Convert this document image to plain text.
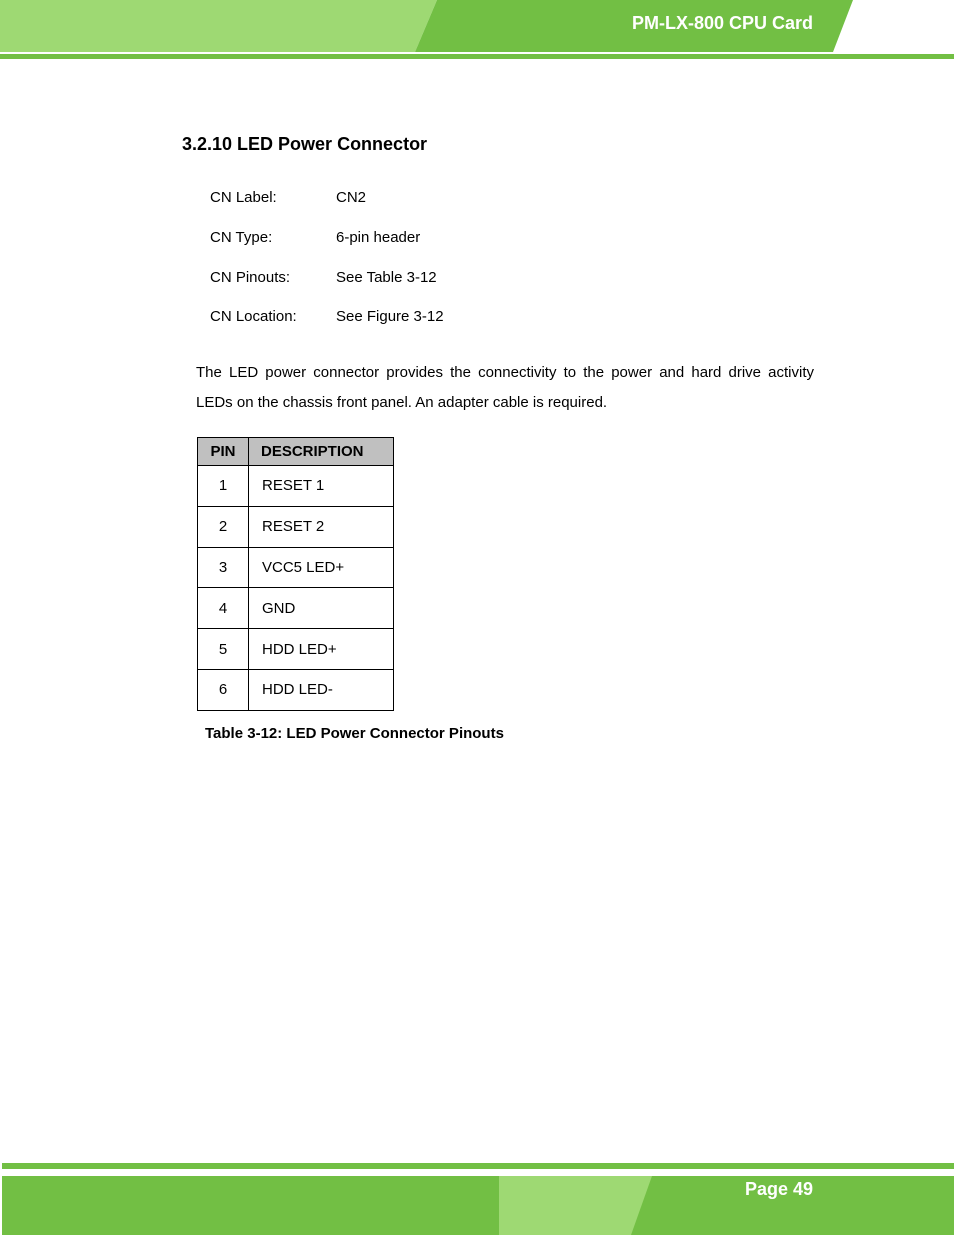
PM-LX-800 CPU Card
3.2.10 LED Power Connector
CN Label:	CN2
CN Type:	6-pin header
CN Pinouts:	See Table 3-12
CN Location:	See Figure 3-12
The LED power connector provides the connectivity to the power and hard drive activity LEDs on the chassis front panel. An adapter cable is required.
PIN	DESCRIPTION
1	RESET 1
2	RESET 2
3	VCC5 LED+
4	GND
5	HDD LED+
6	HDD LED-
Table 3-12: LED Power Connector Pinouts
Page 49
